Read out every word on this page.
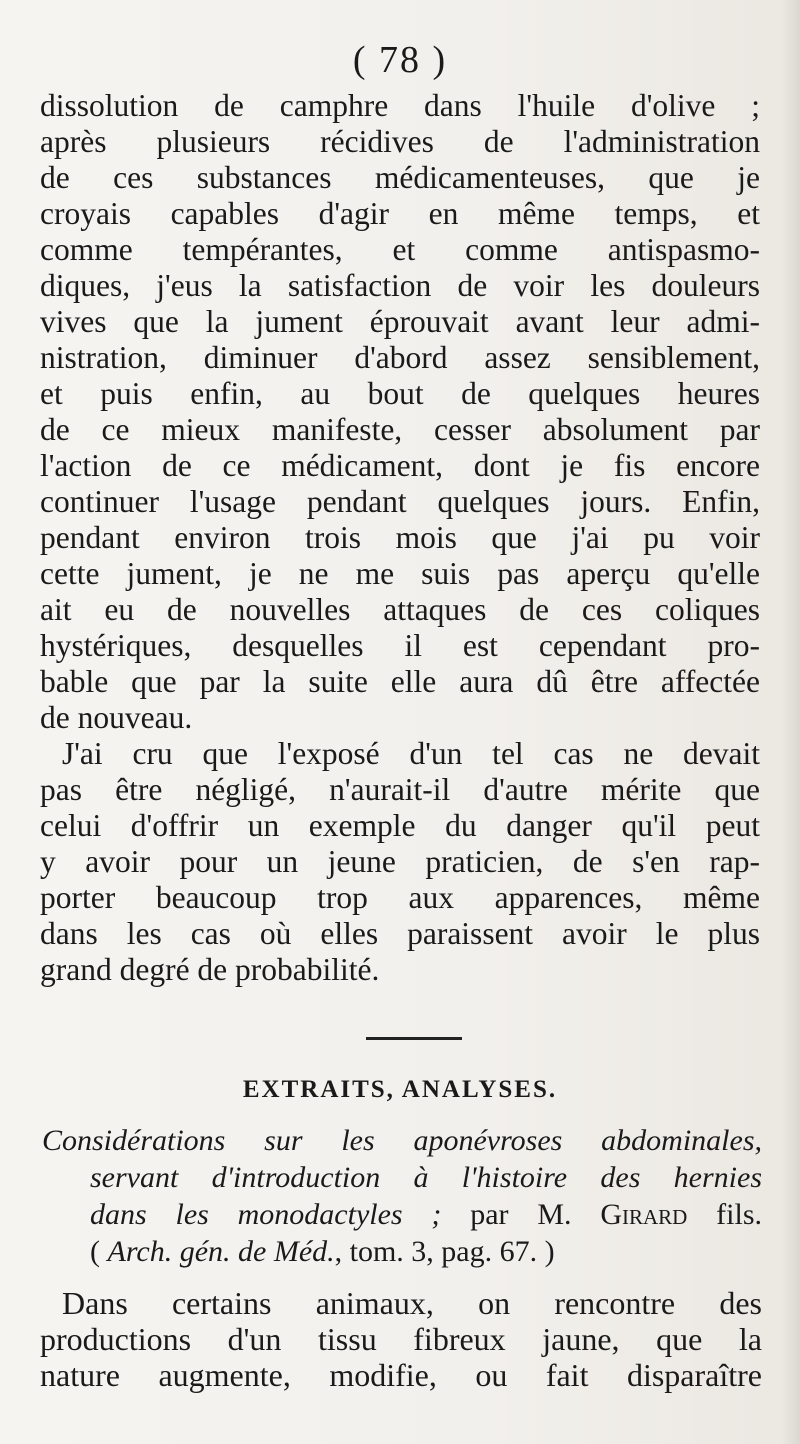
( 78 )
dissolution de camphre dans l'huile d'olive ;
après plusieurs récidives de l'administration
de ces substances médicamenteuses, que je
croyais capables d'agir en même temps, et
comme tempérantes, et comme antispasmo-
diques, j'eus la satisfaction de voir les douleurs
vives que la jument éprouvait avant leur admi-
nistration, diminuer d'abord assez sensiblement,
et puis enfin, au bout de quelques heures
de ce mieux manifeste, cesser absolument par
l'action de ce médicament, dont je fis encore
continuer l'usage pendant quelques jours. Enfin,
pendant environ trois mois que j'ai pu voir
cette jument, je ne me suis pas aperçu qu'elle
ait eu de nouvelles attaques de ces coliques
hystériques, desquelles il est cependant pro-
bable que par la suite elle aura dû être affectée
de nouveau.
J'ai cru que l'exposé d'un tel cas ne devait
pas être négligé, n'aurait-il d'autre mérite que
celui d'offrir un exemple du danger qu'il peut
y avoir pour un jeune praticien, de s'en rap-
porter beaucoup trop aux apparences, même
dans les cas où elles paraissent avoir le plus
grand degré de probabilité.
EXTRAITS, ANALYSES.
Considérations sur les aponévroses abdominales,
servant d'introduction à l'histoire des hernies
dans les monodactyles ; par M. Girard fils.
( Arch. gén. de Méd., tom. 3, pag. 67. )
Dans certains animaux, on rencontre des
productions d'un tissu fibreux jaune, que la
nature augmente, modifie, ou fait disparaître
